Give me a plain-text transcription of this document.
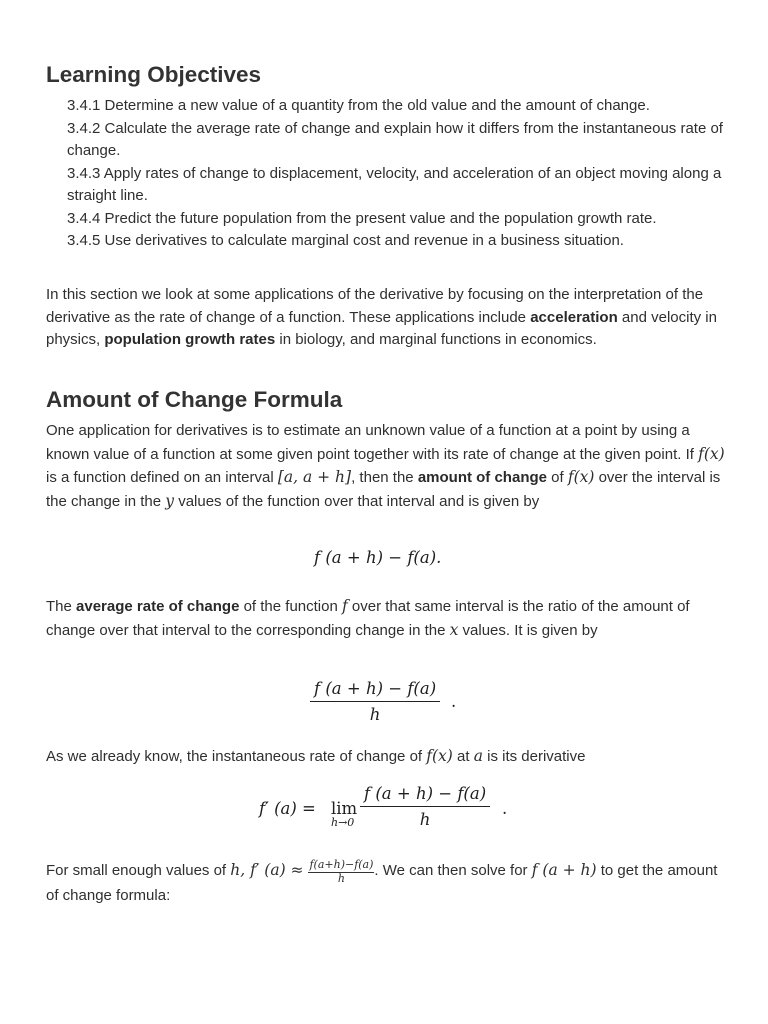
Learning Objectives
3.4.1 Determine a new value of a quantity from the old value and the amount of change.
3.4.2 Calculate the average rate of change and explain how it differs from the instantaneous rate of change.
3.4.3 Apply rates of change to displacement, velocity, and acceleration of an object moving along a straight line.
3.4.4 Predict the future population from the present value and the population growth rate.
3.4.5 Use derivatives to calculate marginal cost and revenue in a business situation.
In this section we look at some applications of the derivative by focusing on the interpretation of the derivative as the rate of change of a function. These applications include acceleration and velocity in physics, population growth rates in biology, and marginal functions in economics.
Amount of Change Formula
One application for derivatives is to estimate an unknown value of a function at a point by using a known value of a function at some given point together with its rate of change at the given point. If f(x) is a function defined on an interval [a, a + h], then the amount of change of f(x) over the interval is the change in the y values of the function over that interval and is given by
f (a + h) − f(a).
The average rate of change of the function f over that same interval is the ratio of the amount of change over that interval to the corresponding change in the x values. It is given by
$\frac{f (a + h) - f(a)}{h}$ .
As we already know, the instantaneous rate of change of f(x) at a is its derivative
f′ (a) = lim
$h\to 0 \frac{f (a + h) - f(a)}{h}$ .
For small enough values of h, f′ $(a) \approx \frac{f(a+h)-f(a)}{h}$ . We can then solve for f (a + h) to get the amount of change formula:
